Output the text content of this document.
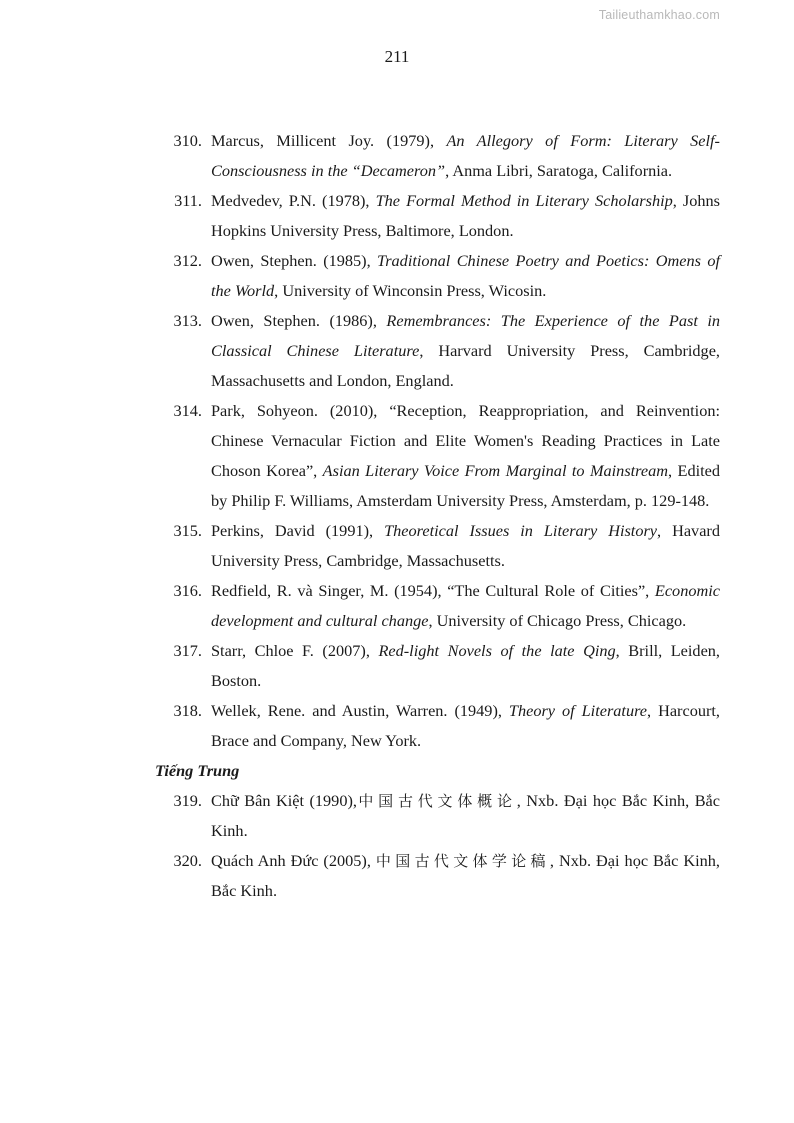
Tailieuthamkhao.com
211
310. Marcus, Millicent Joy. (1979), An Allegory of Form: Literary Self-Consciousness in the “Decameron”, Anma Libri, Saratoga, California.
311. Medvedev, P.N. (1978), The Formal Method in Literary Scholarship, Johns Hopkins University Press, Baltimore, London.
312. Owen, Stephen. (1985), Traditional Chinese Poetry and Poetics: Omens of the World, University of Winconsin Press, Wicosin.
313. Owen, Stephen. (1986), Remembrances: The Experience of the Past in Classical Chinese Literature, Harvard University Press, Cambridge, Massachusetts and London, England.
314. Park, Sohyeon. (2010), “Reception, Reappropriation, and Reinvention: Chinese Vernacular Fiction and Elite Women's Reading Practices in Late Choson Korea”, Asian Literary Voice From Marginal to Mainstream, Edited by Philip F. Williams, Amsterdam University Press, Amsterdam, p. 129-148.
315. Perkins, David (1991), Theoretical Issues in Literary History, Havard University Press, Cambridge, Massachusetts.
316. Redfield, R. và Singer, M. (1954), “The Cultural Role of Cities”, Economic development and cultural change, University of Chicago Press, Chicago.
317. Starr, Chloe F. (2007), Red-light Novels of the late Qing, Brill, Leiden, Boston.
318. Wellek, Rene. and Austin, Warren. (1949), Theory of Literature, Harcourt, Brace and Company, New York.
Tiếng Trung
319. Chữ Bân Kiệt (1990),中国古代文体概论, Nxb. Đại học Bắc Kinh, Bắc Kinh.
320. Quách Anh Đức (2005), 中国古代文体学论稿, Nxb. Đại học Bắc Kinh, Bắc Kinh.
